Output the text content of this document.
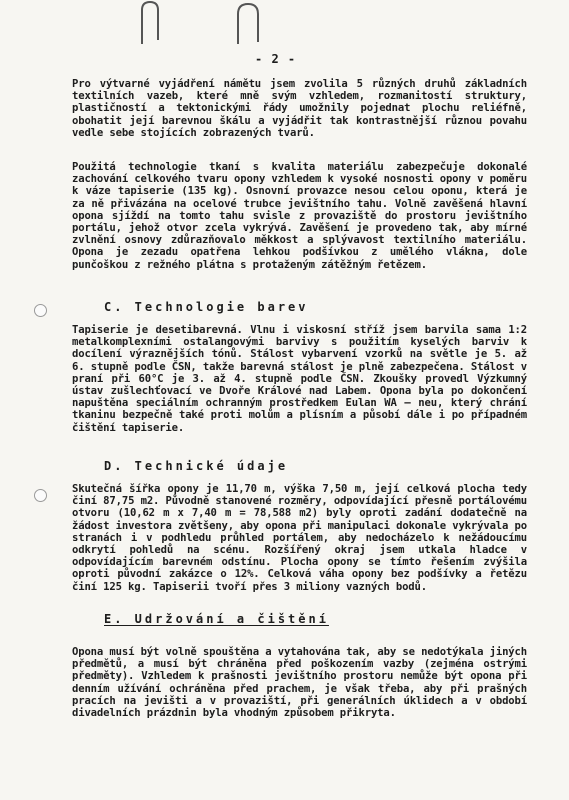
- 2 -
Pro výtvarné vyjádření námětu jsem zvolila 5 různých druhů základních textilních vazeb, které mně svým vzhledem, rozmanitostí struktury, plastičností a tektonickými řády umožnily pojednat plochu reliéfně, obohatit její barevnou škálu a vyjádřit tak kontrastnější různou povahu vedle sebe stojících zobrazených tvarů.
Použitá technologie tkaní s kvalita materiálu zabezpečuje dokonalé zachování celkového tvaru opony vzhledem k vysoké nosnosti opony v poměru k váze tapiserie (135 kg). Osnovní provazce nesou celou oponu, která je za ně přivázána na ocelové trubce jevištního tahu. Volně zavěšená hlavní opona sjíždí na tomto tahu svisle z provaziště do prostoru jevištního portálu, jehož otvor zcela vykrývá. Zavěšení je provedeno tak, aby mírné zvlnění osnovy zdůrazňovalo měkkost a splývavost textilního materiálu. Opona je zezadu opatřena lehkou podšívkou z umělého vlákna, dole punčoškou z režného plátna s protaženým zátěžným řetězem.
C. Technologie barev
Tapiserie je desetibarevná. Vlnu i viskosní stříž jsem barvila sama 1:2 metalkomplexními ostalangovými barvivy s použitím kyselých barviv k docílení výraznějších tónů. Stálost vybarvení vzorků na světle je 5. až 6. stupně podle ČSN, takže barevná stálost je plně zabezpečena. Stálost v praní při 60°C je 3. až 4. stupně podle ČSN. Zkoušky provedl Výzkumný ústav zušlechťovací ve Dvoře Králové nad Labem. Opona byla po dokončení napuštěna speciálním ochranným prostředkem Eulan WA – neu, který chrání tkaninu bezpečně také proti molům a plísním a působí dále i po případném čištění tapiserie.
D. Technické údaje
Skutečná šířka opony je 11,70 m, výška 7,50 m, její celková plocha tedy činí 87,75 m2. Původně stanovené rozměry, odpovídající přesně portálovému otvoru (10,62 m x 7,40 m = 78,588 m2) byly oproti zadání dodatečně na žádost investora zvětšeny, aby opona při manipulaci dokonale vykrývala po stranách i v podhledu průhled portálem, aby nedocházelo k nežádoucímu odkrytí pohledů na scénu. Rozšířený okraj jsem utkala hladce v odpovídajícím barevném odstínu. Plocha opony se tímto řešením zvýšila oproti původní zakázce o 12%. Celková váha opony bez podšívky a řetězu činí 125 kg. Tapiserii tvoří přes 3 miliony vazných bodů.
E. Udržování a čištění
Opona musí být volně spouštěna a vytahována tak, aby se nedotýkala jiných předmětů, a musí být chráněna před poškozením vazby (zejména ostrými předměty). Vzhledem k prašnosti jevištního prostoru nemůže být opona při denním užívání ochráněna před prachem, je však třeba, aby při prašných pracích na jevišti a v provaziští, při generálních úklidech a v období divadelních prázdnin byla vhodným způsobem přikryta.
